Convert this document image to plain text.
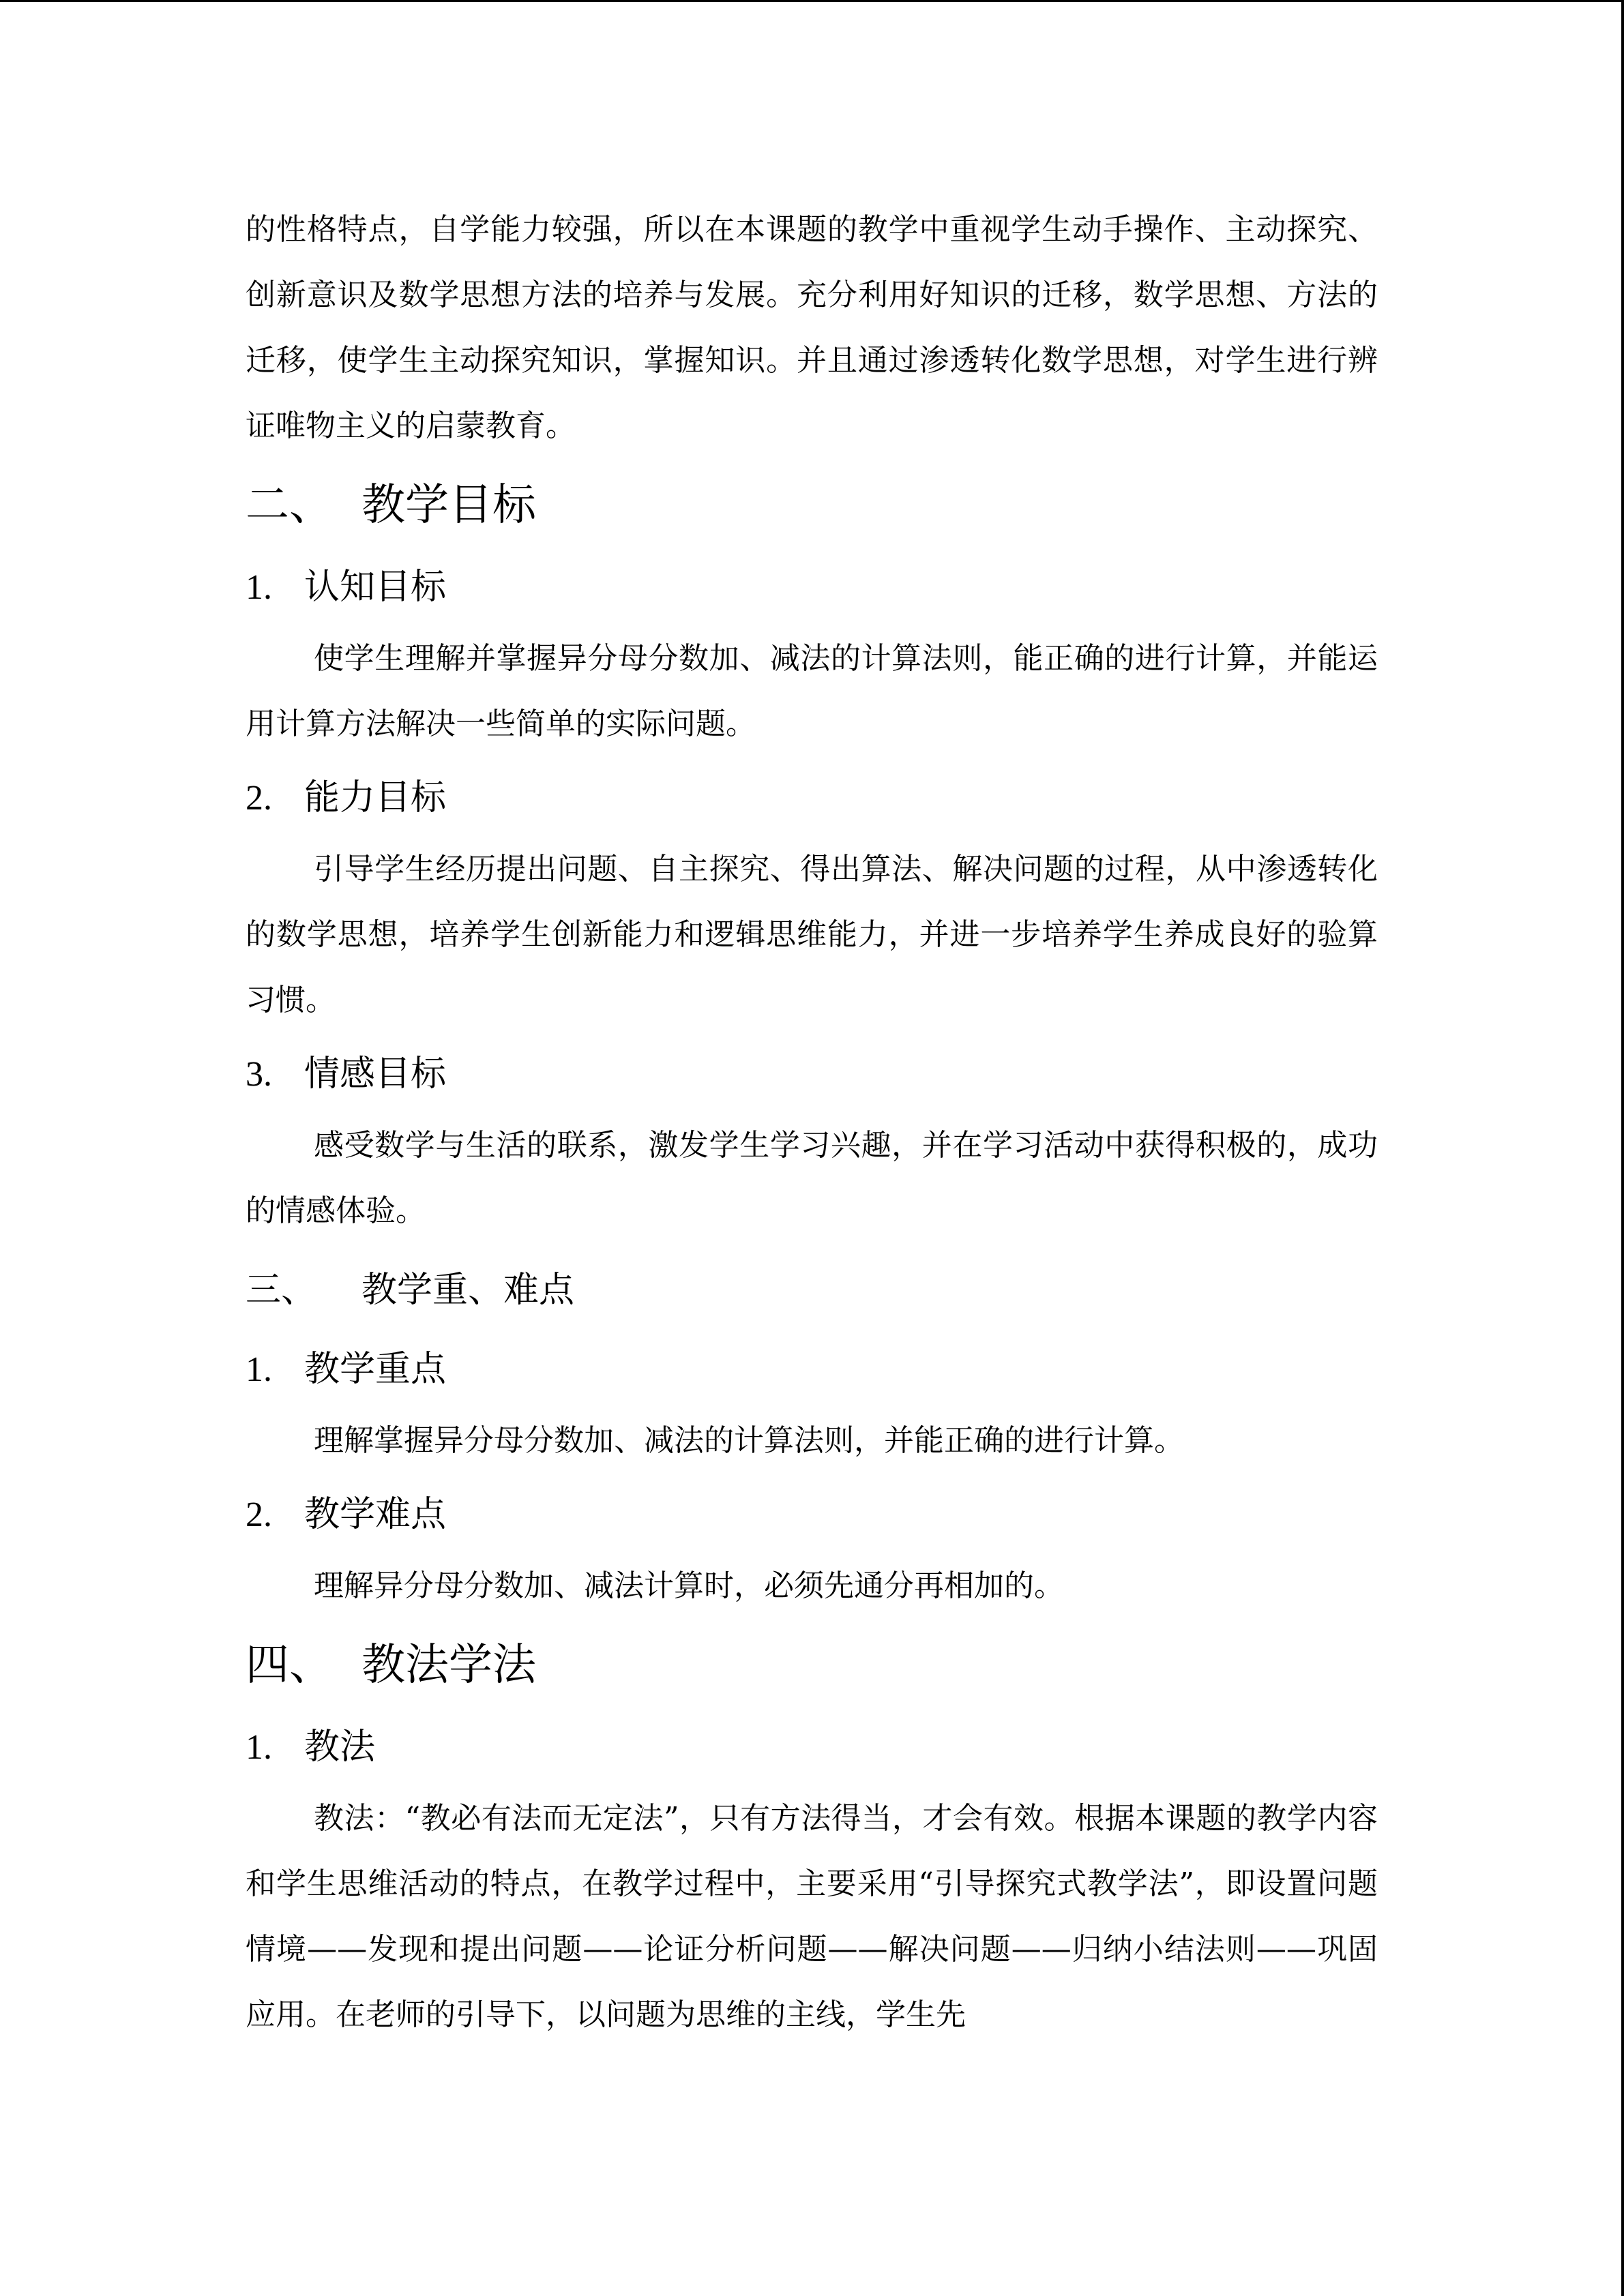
的性格特点，自学能力较强，所以在本课题的教学中重视学生动手操作、主动探究、创新意识及数学思想方法的培养与发展。充分利用好知识的迁移，数学思想、方法的迁移，使学生主动探究知识，掌握知识。并且通过渗透转化数学思想，对学生进行辨证唯物主义的启蒙教育。

二、 教学目标
1. 认知目标

使学生理解并掌握异分母分数加、减法的计算法则，能正确的进行计算，并能运用计算方法解决一些简单的实际问题。

2. 能力目标

引导学生经历提出问题、自主探究、得出算法、解决问题的过程，从中渗透转化的数学思想，培养学生创新能力和逻辑思维能力，并进一步培养学生养成良好的验算习惯。

3. 情感目标

感受数学与生活的联系，激发学生学习兴趣，并在学习活动中获得积极的，成功的情感体验。

三、 教学重、难点
1. 教学重点

理解掌握异分母分数加、减法的计算法则，并能正确的进行计算。

2. 教学难点

理解异分母分数加、减法计算时，必须先通分再相加的。

四、 教法学法
1. 教法

教法：“教必有法而无定法”，只有方法得当，才会有效。根据本课题的教学内容和学生思维活动的特点，在教学过程中，主要采用“引导探究式教学法”，即设置问题情境——发现和提出问题——论证分析问题——解决问题——归纳小结法则——巩固应用。在老师的引导下，以问题为思维的主线，学生先
